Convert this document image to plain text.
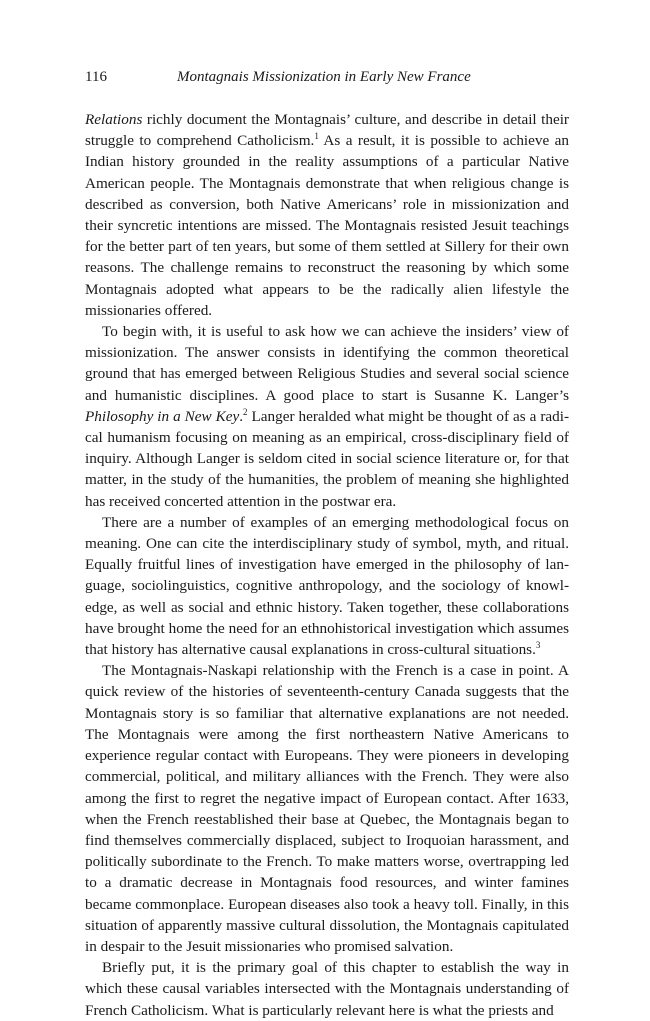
116	Montagnais Missionization in Early New France

Relations richly document the Montagnais’ culture, and describe in detail their struggle to comprehend Catholicism.$^1$ As a result, it is possible to achieve an Indian history grounded in the reality assumptions of a particular Native American people. The Montagnais demonstrate that when religious change is described as conversion, both Native Americans’ role in missionization and their syncretic intentions are missed. The Montagnais resisted Jesuit teachings for the better part of ten years, but some of them settled at Sillery for their own reasons. The challenge remains to reconstruct the reasoning by which some Montagnais adopted what appears to be the radically alien lifestyle the missionaries offered.

To begin with, it is useful to ask how we can achieve the insiders’ view of missionization. The answer consists in identifying the common theoretical ground that has emerged between Religious Studies and several social science and humanistic disciplines. A good place to start is Susanne K. Langer’s Philosophy in a New Key.$^2$ Langer heralded what might be thought of as a radical humanism focusing on meaning as an empirical, cross-disciplinary field of inquiry. Although Langer is seldom cited in social science literature or, for that matter, in the study of the humanities, the problem of meaning she highlighted has received concerted attention in the postwar era.

There are a number of examples of an emerging methodological focus on meaning. One can cite the interdisciplinary study of symbol, myth, and ritual. Equally fruitful lines of investigation have emerged in the philosophy of language, sociolinguistics, cognitive anthropology, and the sociology of knowledge, as well as social and ethnic history. Taken together, these collaborations have brought home the need for an ethnohistorical investigation which assumes that history has alternative causal explanations in cross-cultural situations.$^3$

The Montagnais-Naskapi relationship with the French is a case in point. A quick review of the histories of seventeenth-century Canada suggests that the Montagnais story is so familiar that alternative explanations are not needed. The Montagnais were among the first northeastern Native Americans to experience regular contact with Europeans. They were pioneers in developing commercial, political, and military alliances with the French. They were also among the first to regret the negative impact of European contact. After 1633, when the French reestablished their base at Quebec, the Montagnais began to find themselves commercially displaced, subject to Iroquoian harassment, and politically subordinate to the French. To make matters worse, overtrapping led to a dramatic decrease in Montagnais food resources, and winter famines became commonplace. European diseases also took a heavy toll. Finally, in this situation of apparently massive cultural dissolution, the Montagnais capitulated in despair to the Jesuit missionaries who promised salvation.

Briefly put, it is the primary goal of this chapter to establish the way in which these causal variables intersected with the Montagnais understanding of French Catholicism. What is particularly relevant here is what the priests and
